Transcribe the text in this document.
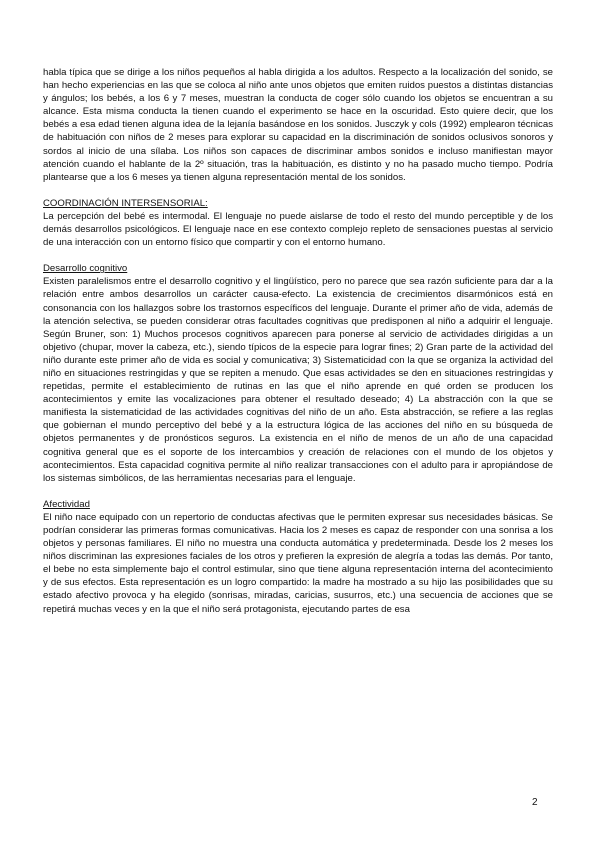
habla típica que se dirige a los niños pequeños al habla dirigida a los adultos. Respecto a la localización del sonido, se han hecho experiencias en las que se coloca al niño ante unos objetos que emiten ruidos puestos a distintas distancias y ángulos; los bebés, a los 6 y 7 meses, muestran la conducta de coger sólo cuando los objetos se encuentran a su alcance. Esta misma conducta la tienen cuando el experimento se hace en la oscuridad. Esto quiere decir, que los bebés a esa edad tienen alguna idea de la lejanía basándose en los sonidos. Jusczyk y cols (1992) emplearon técnicas de habituación con niños de 2 meses para explorar su capacidad en la discriminación de sonidos oclusivos sonoros y sordos al inicio de una sílaba. Los niños son capaces de discriminar ambos sonidos e incluso manifiestan mayor atención cuando el hablante de la 2º situación, tras la habituación, es distinto y no ha pasado mucho tiempo. Podría plantearse que a los 6 meses ya tienen alguna representación mental de los sonidos.

COORDINACIÓN INTERSENSORIAL:

La percepción del bebé es intermodal. El lenguaje no puede aislarse de todo el resto del mundo perceptible y de los demás desarrollos psicológicos. El lenguaje nace en ese contexto complejo repleto de sensaciones puestas al servicio de una interacción con un entorno físico que compartir y con el entorno humano.

Desarrollo cognitivo

Existen paralelismos entre el desarrollo cognitivo y el lingüístico, pero no parece que sea razón suficiente para dar a la relación entre ambos desarrollos un carácter causa-efecto. La existencia de crecimientos disarmónicos está en consonancia con los hallazgos sobre los trastornos específicos del lenguaje. Durante el primer año de vida, además de la atención selectiva, se pueden considerar otras facultades cognitivas que predisponen al niño a adquirir el lenguaje. Según Bruner, son: 1) Muchos procesos cognitivos aparecen para ponerse al servicio de actividades dirigidas a un objetivo (chupar, mover la cabeza, etc.), siendo típicos de la especie para lograr fines; 2) Gran parte de la actividad del niño durante este primer año de vida es social y comunicativa; 3) Sistematicidad con la que se organiza la actividad del niño en situaciones restringidas y que se repiten a menudo. Que esas actividades se den en situaciones restringidas y repetidas, permite el establecimiento de rutinas en las que el niño aprende en qué orden se producen los acontecimientos y emite las vocalizaciones para obtener el resultado deseado; 4) La abstracción con la que se manifiesta la sistematicidad de las actividades cognitivas del niño de un año. Esta abstracción, se refiere a las reglas que gobiernan el mundo perceptivo del bebé y a la estructura lógica de las acciones del niño en su búsqueda de objetos permanentes y de pronósticos seguros. La existencia en el niño de menos de un año de una capacidad cognitiva general que es el soporte de los intercambios y creación de relaciones con el mundo de los objetos y acontecimientos. Esta capacidad cognitiva permite al niño realizar transacciones con el adulto para ir apropiándose de los sistemas simbólicos, de las herramientas necesarias para el lenguaje.

Afectividad

El niño nace equipado con un repertorio de conductas afectivas que le permiten expresar sus necesidades básicas. Se podrían considerar las primeras formas comunicativas. Hacia los 2 meses es capaz de responder con una sonrisa a los objetos y personas familiares. El niño no muestra una conducta automática y predeterminada. Desde los 2 meses los niños discriminan las expresiones faciales de los otros y prefieren la expresión de alegría a todas las demás. Por tanto, el bebe no esta simplemente bajo el control estimular, sino que tiene alguna representación interna del acontecimiento y de sus efectos. Esta representación es un logro compartido: la madre ha mostrado a su hijo las posibilidades que su estado afectivo provoca y ha elegido (sonrisas, miradas, caricias, susurros, etc.) una secuencia de acciones que se repetirá muchas veces y en la que el niño será protagonista, ejecutando partes de esa

2
